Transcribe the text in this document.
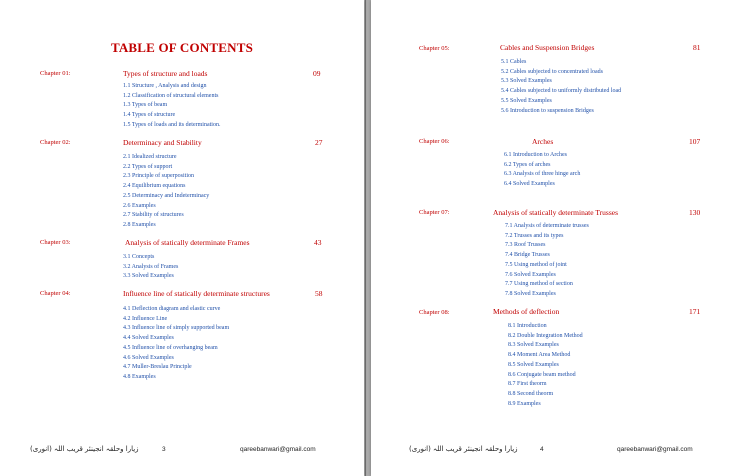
TABLE OF CONTENTS
Chapter 01:	Types of structure and loads	09
1.1 Structure , Analysis and design
1.2 Classification of structural elements
1.3 Types of beam
1.4 Types of structure
1.5 Types of loads and its determination.
Chapter 02:	Determinacy and Stability	27
2.1 Idealized structure
2.2 Types of support
2.3 Principle of superposition
2.4 Equilibrium equations
2.5 Determinacy and Indeterminacy
2.6 Examples
2.7 Stability of structures
2.8 Examples
Chapter 03:	Analysis of statically determinate Frames	43
3.1 Concepts
3.2 Analysis of Frames
3.3 Solved Examples
Chapter 04:	Influence line of statically determinate structures	58
4.1 Deflection diagram and elastic curve
4.2 Influence Line
4.3 Influence line of simply supported beam
4.4 Solved Examples
4.5 Influence line of overhanging beam
4.6 Solved Examples
4.7 Muller-Breslau Principle
4.8 Examples
زیارا وحلقہ انجینئر قریب اللہ (انوری)	3	qareebanwari@gmail.com
Chapter 05:	Cables and Suspension Bridges	81
5.1 Cables
5.2 Cables subjected to concentrated loads
5.3 Solved Examples
5.4 Cables subjected to uniformly distributed load
5.5 Solved Examples
5.6 Introduction to suspension Bridges
Chapter 06:	Arches	107
6.1 Introduction to Arches
6.2 Types of arches
6.3 Analysis of three hinge arch
6.4 Solved Examples
Chapter 07:	Analysis of statically determinate Trusses	130
7.1 Analysis of determinate trusses
7.2 Trusses and its types
7.3 Roof Trusses
7.4 Bridge Trusses
7.5 Using method of joint
7.6 Solved Examples
7.7 Using method of section
7.8 Solved Examples
Chapter 08:	Methods of deflection	171
8.1 Introduction
8.2 Double Integration Method
8.3 Solved Examples
8.4 Moment Area Method
8.5 Solved Examples
8.6 Conjugate beam method
8.7 First theorm
8.8 Second theorm
8.9 Examples
زیارا وحلقہ انجینئر قریب اللہ (انوری)	4	qareebanwari@gmail.com
